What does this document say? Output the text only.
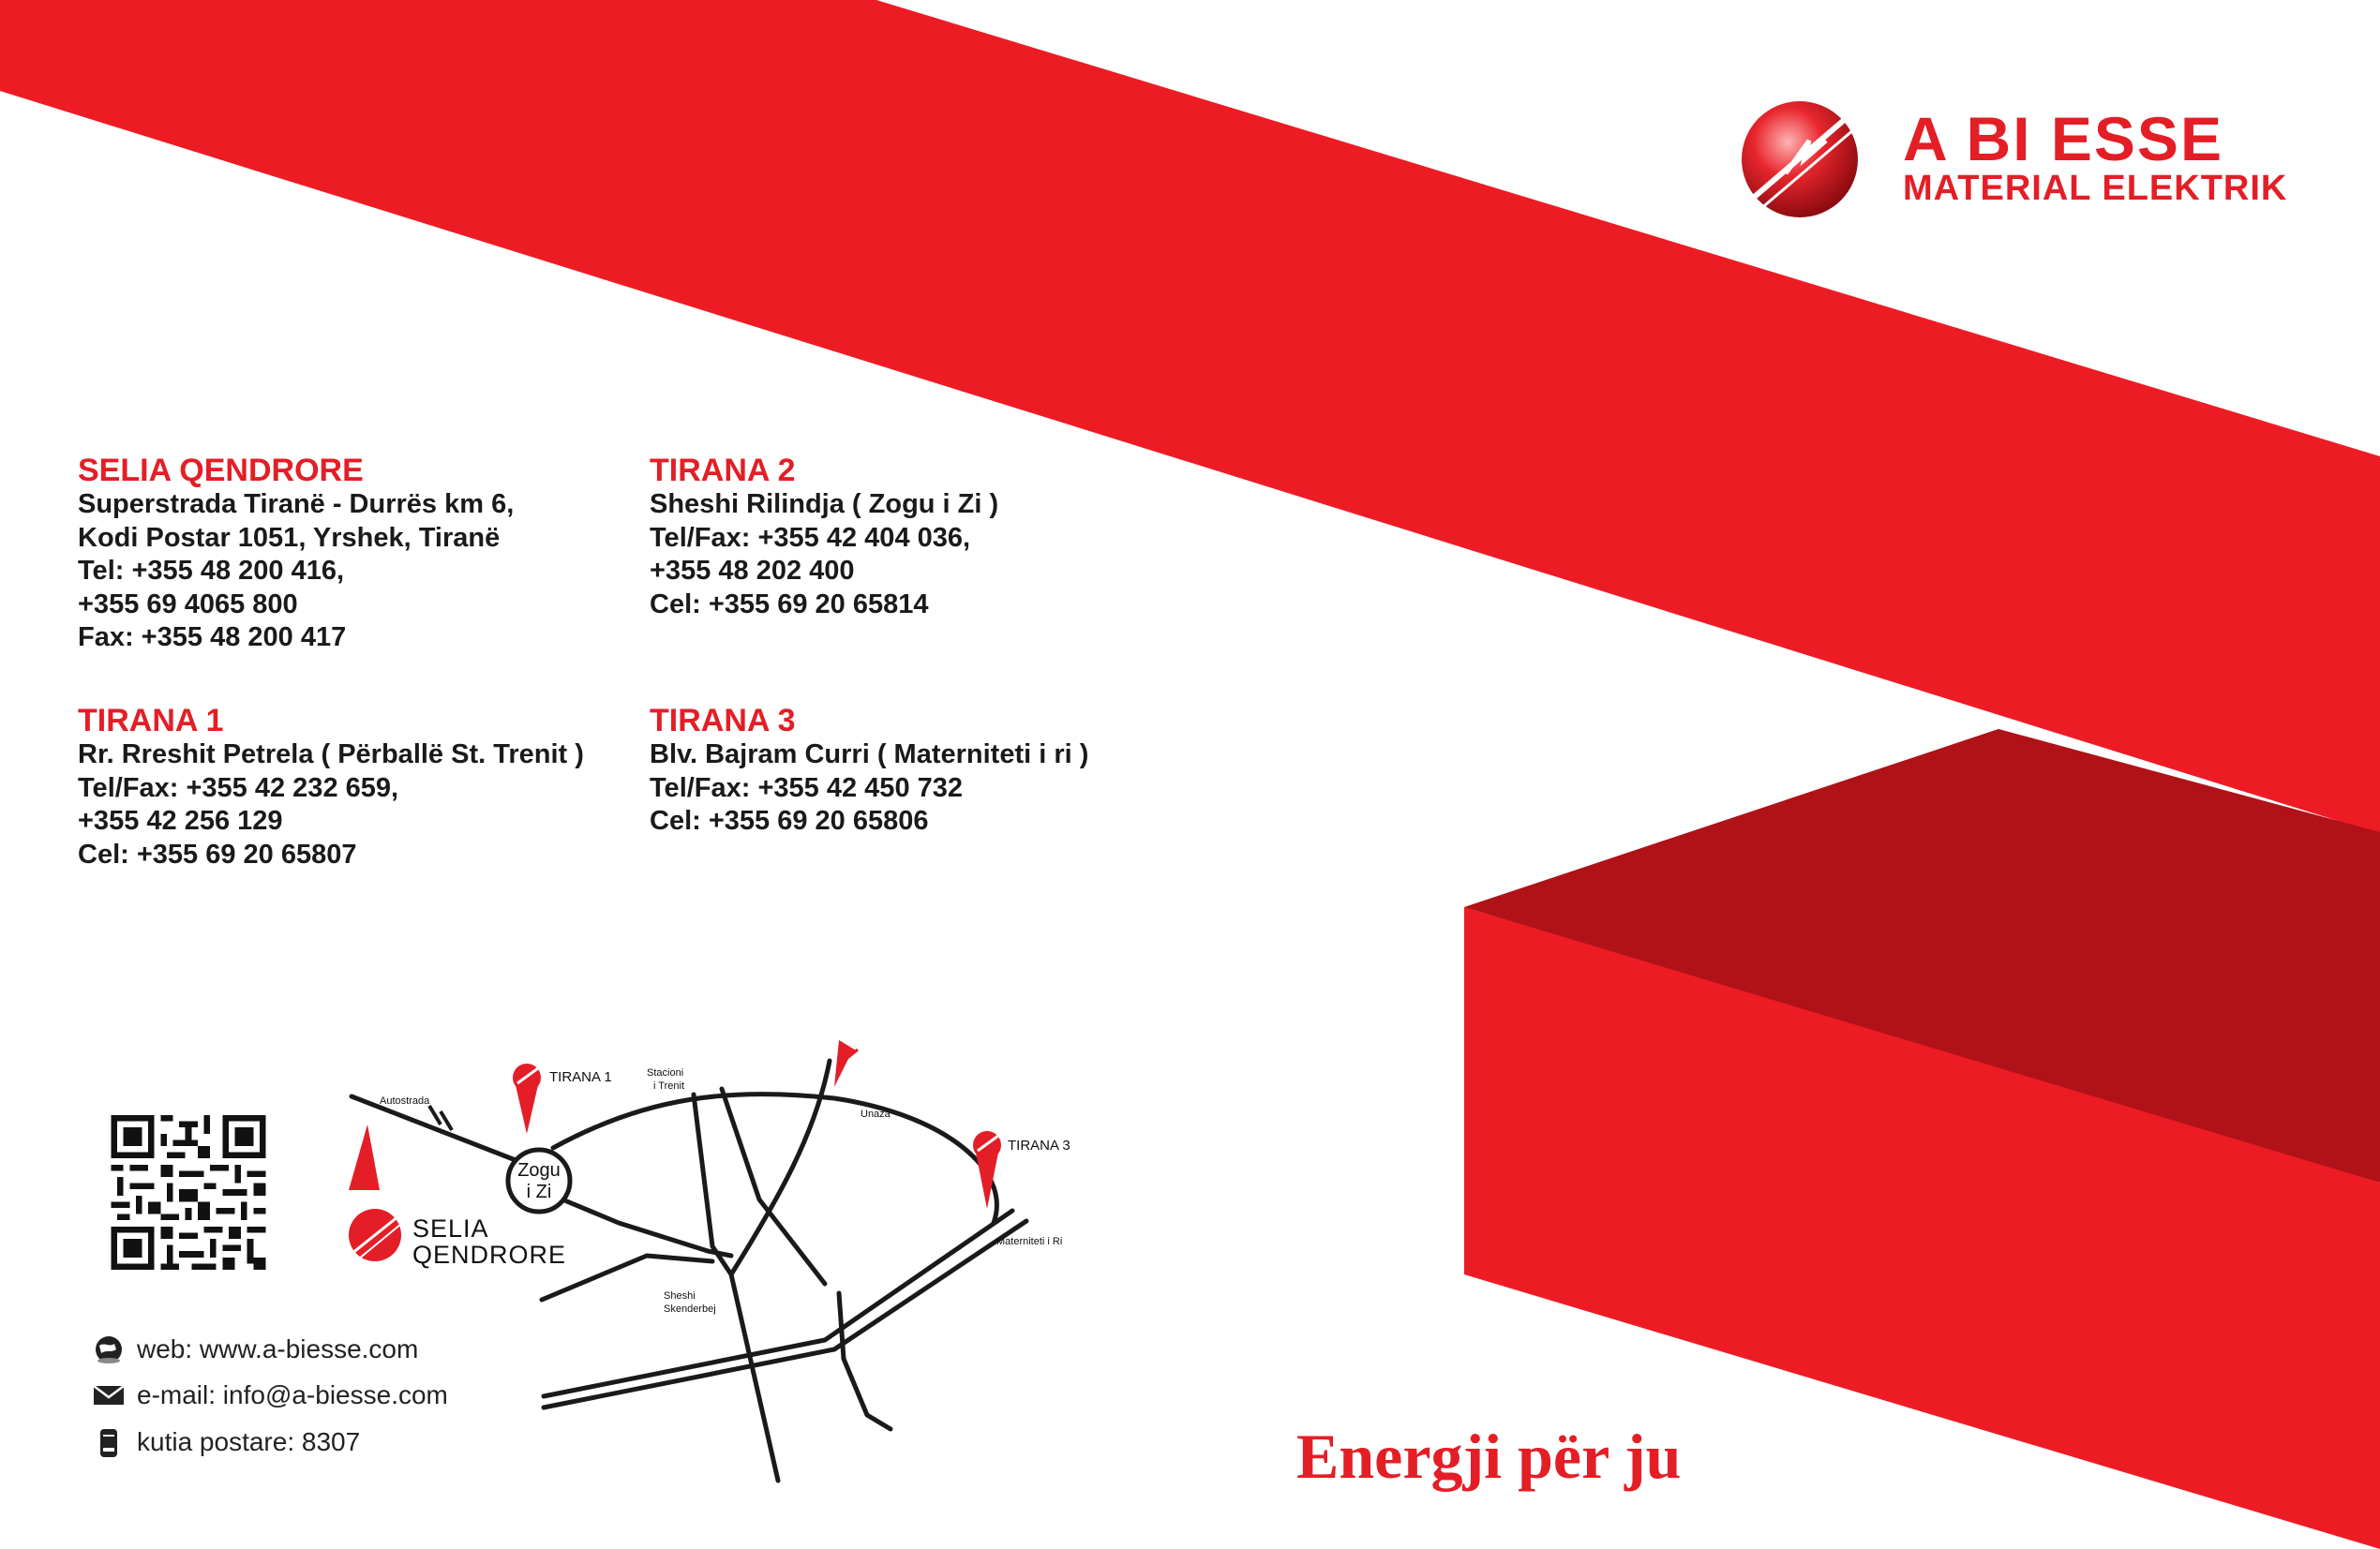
A BI ESSE
MATERIAL ELEKTRIK
SELIA QENDRORE
Superstrada Tiranë - Durrës km 6,
Kodi Postar 1051, Yrshek, Tiranë
Tel: +355 48 200 416,
+355 69 4065 800
Fax: +355 48 200 417
TIRANA 2
Sheshi Rilindja ( Zogu i Zi )
Tel/Fax: +355 42 404 036,
+355 48 202 400
Cel: +355 69 20 65814
TIRANA 1
Rr. Rreshit Petrela ( Përballë St. Trenit )
Tel/Fax: +355 42 232 659,
+355 42 256 129
Cel: +355 69 20 65807
TIRANA 3
Blv. Bajram Curri ( Materniteti i ri )
Tel/Fax: +355 42 450 732
Cel: +355 69 20 65806
web: www.a-biesse.com
e-mail: info@a-biesse.com
kutia postare: 8307
Zogu
i Zi
Autostrada
Stacioni
i Trenit
Unaza
Sheshi
Skenderbej
Materniteti i Ri
TIRANA 1
TIRANA 3
SELIA
QENDRORE
Energji për ju
